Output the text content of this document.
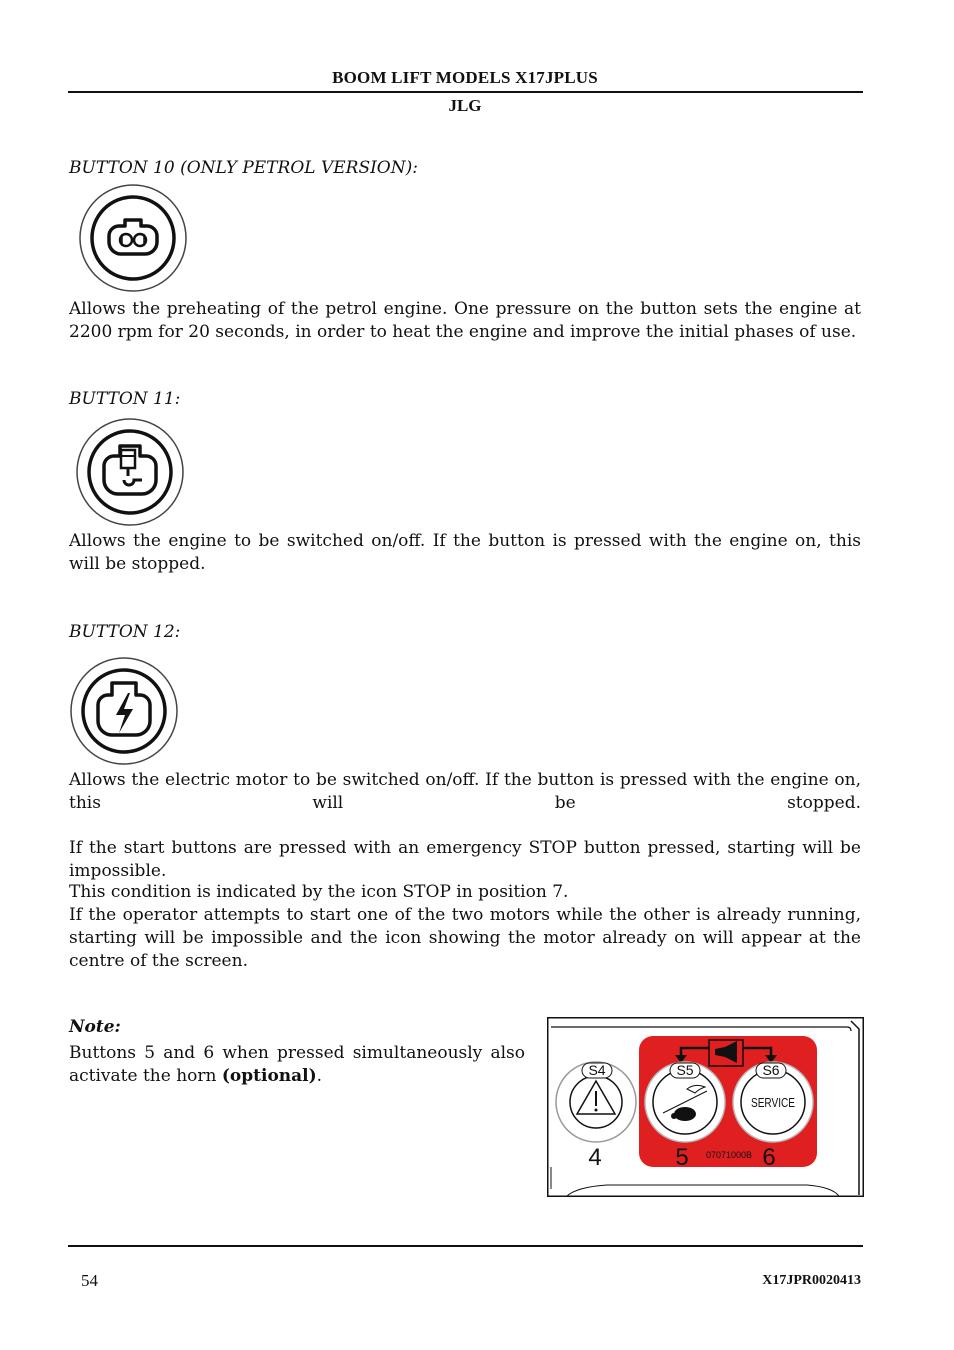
BOOM LIFT MODELS X17JPLUS
JLG
BUTTON 10 (ONLY PETROL VERSION):
Allows the preheating of the petrol engine. One pressure on the button sets the engine at 2200 rpm for 20 seconds, in order to heat the engine and improve the initial phases of use.
BUTTON 11:
Allows the engine to be switched on/off. If the button is pressed with the engine on, this will be stopped.
BUTTON 12:
Allows the electric motor to be switched on/off. If the button is pressed with the engine on, this will be stopped.
If the start buttons are pressed with an emergency STOP button pressed, starting will be impossible.
This condition is indicated by the icon STOP in position 7.
If the operator attempts to start one of the two motors while the other is already running, starting will be impossible and the icon showing the motor already on will appear at the centre of the screen.
Note:
Buttons 5 and 6 when pressed simultaneously also activate the horn (optional).	S4	S5	S6
SERVICE
4	5	6
07071000B
54	X17JPR0020413
